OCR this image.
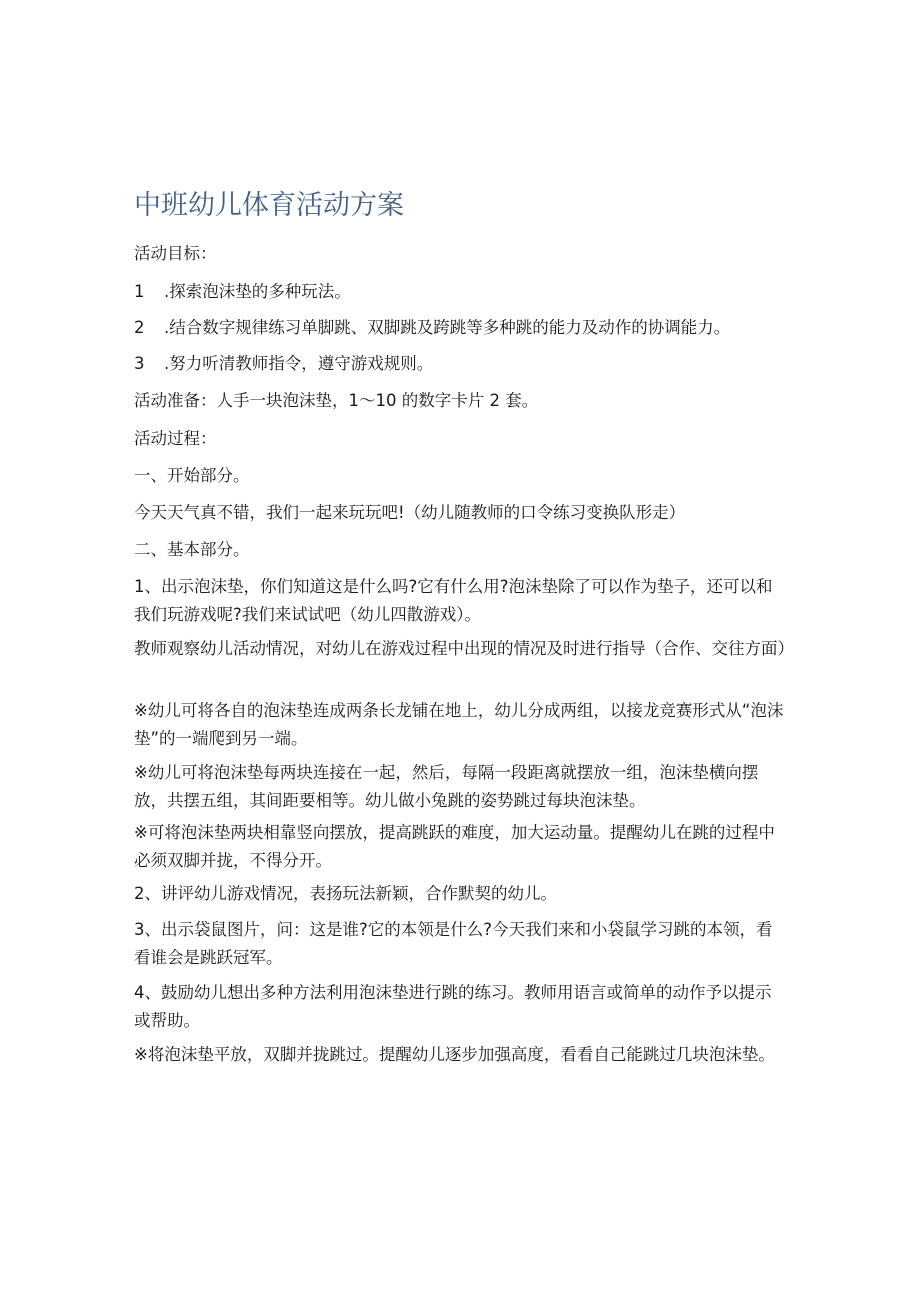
中班幼儿体育活动方案

活动目标：

1 .探索泡沫垫的多种玩法。

2 .结合数字规律练习单脚跳、双脚跳及跨跳等多种跳的能力及动作的协调能力。

3 .努力听清教师指令，遵守游戏规则。

活动准备：人手一块泡沫垫，1～10 的数字卡片 2 套。

活动过程：

一、开始部分。

今天天气真不错，我们一起来玩玩吧!（幼儿随教师的口令练习变换队形走）

二、基本部分。

1、出示泡沫垫，你们知道这是什么吗?它有什么用?泡沫垫除了可以作为垫子，还可以和我们玩游戏呢?我们来试试吧（幼儿四散游戏）。

教师观察幼儿活动情况，对幼儿在游戏过程中出现的情况及时进行指导（合作、交往方面）

※幼儿可将各自的泡沫垫连成两条长龙铺在地上，幼儿分成两组，以接龙竞赛形式从“泡沫垫”的一端爬到另一端。

※幼儿可将泡沫垫每两块连接在一起，然后，每隔一段距离就摆放一组，泡沫垫横向摆放，共摆五组，其间距要相等。幼儿做小兔跳的姿势跳过每块泡沫垫。

※可将泡沫垫两块相靠竖向摆放，提高跳跃的难度，加大运动量。提醒幼儿在跳的过程中必须双脚并拢，不得分开。

2、讲评幼儿游戏情况，表扬玩法新颖，合作默契的幼儿。

3、出示袋鼠图片，问：这是谁?它的本领是什么?今天我们来和小袋鼠学习跳的本领，看看谁会是跳跃冠军。

4、鼓励幼儿想出多种方法利用泡沫垫进行跳的练习。教师用语言或简单的动作予以提示或帮助。

※将泡沫垫平放，双脚并拢跳过。提醒幼儿逐步加强高度，看看自己能跳过几块泡沫垫。
